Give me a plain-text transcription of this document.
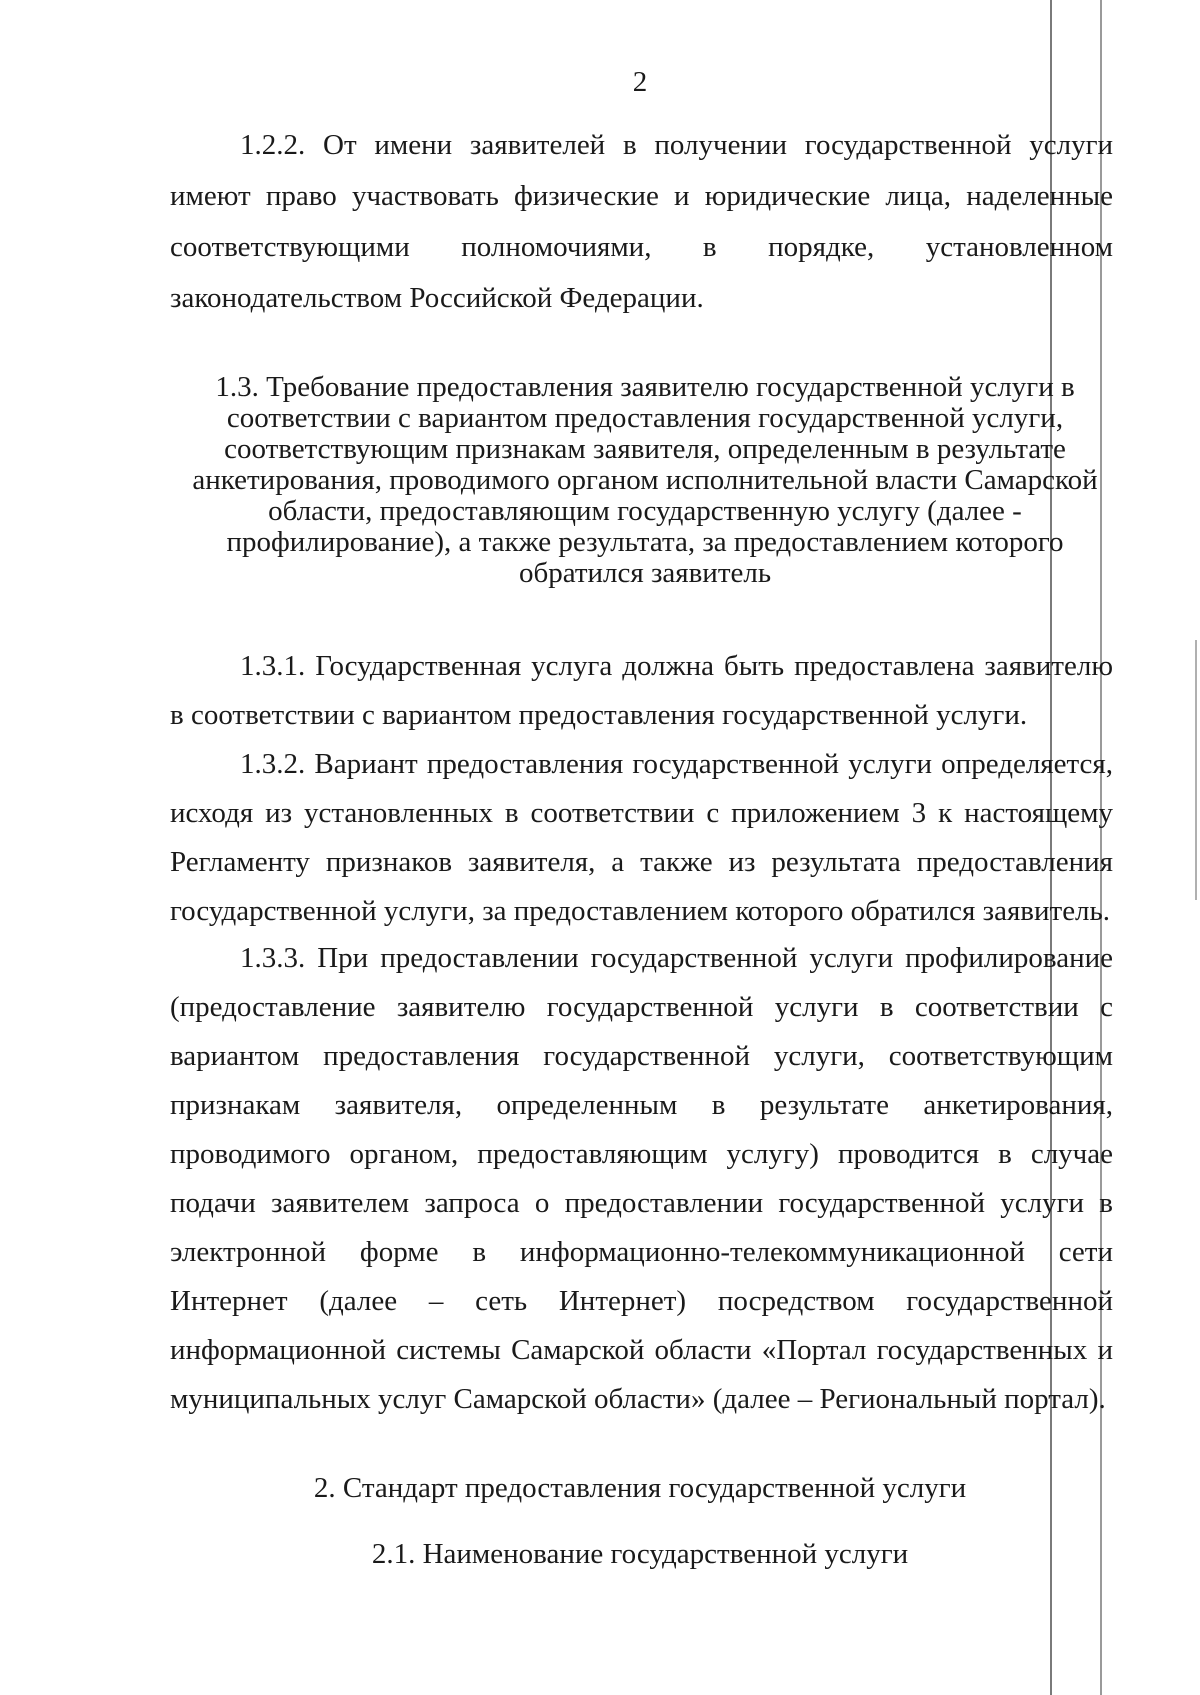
2

1.2.2. От имени заявителей в получении государственной услуги имеют право участвовать физические и юридические лица, наделенные соответствующими полномочиями, в порядке, установленном законодательством Российской Федерации.

1.3. Требование предоставления заявителю государственной услуги в соответствии с вариантом предоставления государственной услуги, соответствующим признакам заявителя, определенным в результате анкетирования, проводимого органом исполнительной власти Самарской области, предоставляющим государственную услугу (далее - профилирование), а также результата, за предоставлением которого обратился заявитель

1.3.1. Государственная услуга должна быть предоставлена заявителю в соответствии с вариантом предоставления государственной услуги.

1.3.2. Вариант предоставления государственной услуги определяется, исходя из установленных в соответствии с приложением 3 к настоящему Регламенту признаков заявителя, а также из результата предоставления государственной услуги, за предоставлением которого обратился заявитель.

1.3.3. При предоставлении государственной услуги профилирование (предоставление заявителю государственной услуги в соответствии с вариантом предоставления государственной услуги, соответствующим признакам заявителя, определенным в результате анкетирования, проводимого органом, предоставляющим услугу) проводится в случае подачи заявителем запроса о предоставлении государственной услуги в электронной форме в информационно-телекоммуникационной сети Интернет (далее – сеть Интернет) посредством государственной информационной системы Самарской области «Портал государственных и муниципальных услуг Самарской области» (далее – Региональный портал).

2. Стандарт предоставления государственной услуги

2.1. Наименование государственной услуги
